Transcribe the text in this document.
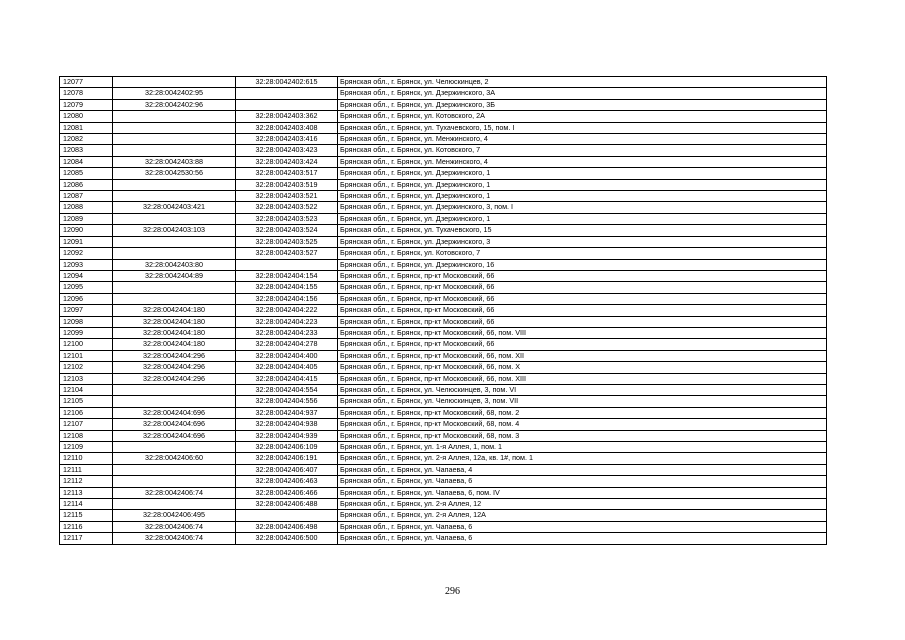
12077		32:28:0042402:615	Брянская обл., г. Брянск, ул. Челюскинцев, 2
12078	32:28:0042402:95		Брянская обл., г. Брянск, ул. Дзержинского, 3А
12079	32:28:0042402:96		Брянская обл., г. Брянск, ул. Дзержинского, 3Б
12080		32:28:0042403:362	Брянская обл., г. Брянск, ул. Котовского, 2А
12081		32:28:0042403:408	Брянская обл., г. Брянск, ул. Тухачевского, 15, пом. I
12082		32:28:0042403:416	Брянская обл., г. Брянск, ул. Менжинского, 4
12083		32:28:0042403:423	Брянская обл., г. Брянск, ул. Котовского, 7
12084	32:28:0042403:88	32:28:0042403:424	Брянская обл., г. Брянск, ул. Менжинского, 4
12085	32:28:0042530:56	32:28:0042403:517	Брянская обл., г. Брянск, ул. Дзержинского, 1
12086		32:28:0042403:519	Брянская обл., г. Брянск, ул. Дзержинского, 1
12087		32:28:0042403:521	Брянская обл., г. Брянск, ул. Дзержинского, 1
12088	32:28:0042403:421	32:28:0042403:522	Брянская обл., г. Брянск, ул. Дзержинского, 3, пом. I
12089		32:28:0042403:523	Брянская обл., г. Брянск, ул. Дзержинского, 1
12090	32:28:0042403:103	32:28:0042403:524	Брянская обл., г. Брянск, ул. Тухачевского, 15
12091		32:28:0042403:525	Брянская обл., г. Брянск, ул. Дзержинского, 3
12092		32:28:0042403:527	Брянская обл., г. Брянск, ул. Котовского, 7
12093	32:28:0042403:80		Брянская обл., г. Брянск, ул. Дзержинского, 16
12094	32:28:0042404:89	32:28:0042404:154	Брянская обл., г. Брянск, пр-кт Московский, 66
12095		32:28:0042404:155	Брянская обл., г. Брянск, пр-кт Московский, 66
12096		32:28:0042404:156	Брянская обл., г. Брянск, пр-кт Московский, 66
12097	32:28:0042404:180	32:28:0042404:222	Брянская обл., г. Брянск, пр-кт Московский, 66
12098	32:28:0042404:180	32:28:0042404:223	Брянская обл., г. Брянск, пр-кт Московский, 66
12099	32:28:0042404:180	32:28:0042404:233	Брянская обл., г. Брянск, пр-кт Московский, 66, пом. VIII
12100	32:28:0042404:180	32:28:0042404:278	Брянская обл., г. Брянск, пр-кт Московский, 66
12101	32:28:0042404:296	32:28:0042404:400	Брянская обл., г. Брянск, пр-кт Московский, 66, пом. XII
12102	32:28:0042404:296	32:28:0042404:405	Брянская обл., г. Брянск, пр-кт Московский, 66, пом. X
12103	32:28:0042404:296	32:28:0042404:415	Брянская обл., г. Брянск, пр-кт Московский, 66, пом. XIII
12104		32:28:0042404:554	Брянская обл., г. Брянск, ул. Челюскинцев, 3, пом. VI
12105		32:28:0042404:556	Брянская обл., г. Брянск, ул. Челюскинцев, 3, пом. VII
12106	32:28:0042404:696	32:28:0042404:937	Брянская обл., г. Брянск, пр-кт Московский, 68, пом. 2
12107	32:28:0042404:696	32:28:0042404:938	Брянская обл., г. Брянск, пр-кт Московский, 68, пом. 4
12108	32:28:0042404:696	32:28:0042404:939	Брянская обл., г. Брянск, пр-кт Московский, 68, пом. 3
12109		32:28:0042406:109	Брянская обл., г. Брянск, ул. 1-я Аллея, 1, пом. 1
12110	32:28:0042406:60	32:28:0042406:191	Брянская обл., г. Брянск, ул. 2-я Аллея, 12а, кв. 1#, пом. 1
12111		32:28:0042406:407	Брянская обл., г. Брянск, ул. Чапаева, 4
12112		32:28:0042406:463	Брянская обл., г. Брянск, ул. Чапаева, 6
12113	32:28:0042406:74	32:28:0042406:466	Брянская обл., г. Брянск, ул. Чапаева, 6, пом. IV
12114		32:28:0042406:488	Брянская обл., г. Брянск, ул. 2-я Аллея, 12
12115	32:28:0042406:495		Брянская обл., г. Брянск, ул. 2-я Аллея, 12А
12116	32:28:0042406:74	32:28:0042406:498	Брянская обл., г. Брянск, ул. Чапаева, 6
12117	32:28:0042406:74	32:28:0042406:500	Брянская обл., г. Брянск, ул. Чапаева, 6
296
